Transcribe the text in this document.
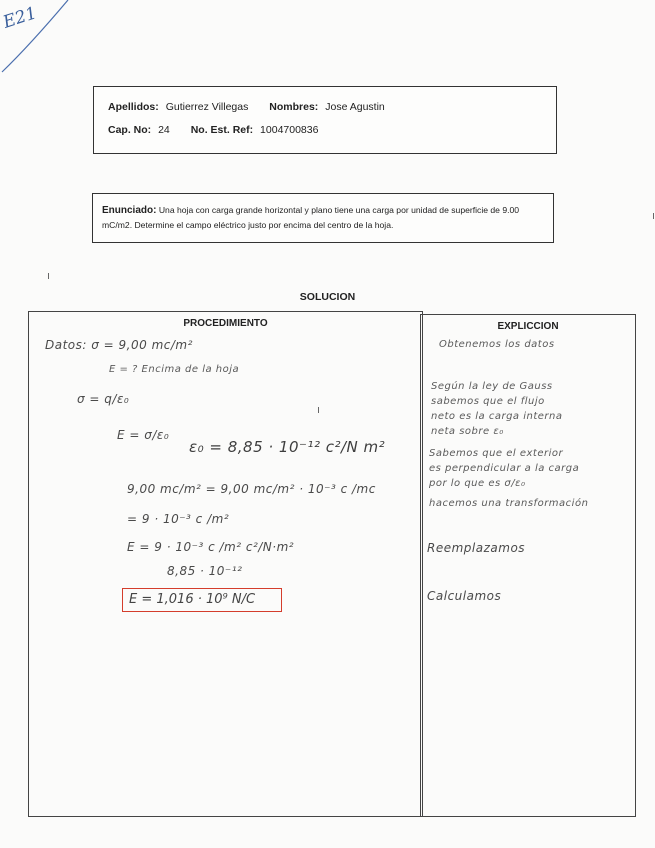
E21
Apellidos: Gutierrez Villegas Nombres: Jose Agustin
Cap. No: 24 No. Est. Ref: 1004700836
Enunciado: Una hoja con carga grande horizontal y plano tiene una carga por unidad de superficie de 9.00 mC/m2. Determine el campo eléctrico justo por encima del centro de la hoja.
SOLUCION
PROCEDIMIENTO
Datos: σ = 9,00 mc/m²
E = ? Encima de la hoja
σ = q/ε₀
E = σ/ε₀
ε₀ = 8,85 · 10⁻¹² c²/N m²
9,00 mc/m² = 9,00 mc/m² · 10⁻³ c /mc
= 9 · 10⁻³ c /m²
E = 9 · 10⁻³ c /m² c²/N·m²
8,85 · 10⁻¹²
E = 1,016 · 10⁹ N/C
EXPLICCION
Obtenemos los datos
Según la ley de Gauss
sabemos que el flujo
neto es la carga interna
neta sobre ε₀
Sabemos que el exterior
es perpendicular a la carga
por lo que es σ/ε₀
hacemos una transformación
Reemplazamos
Calculamos
